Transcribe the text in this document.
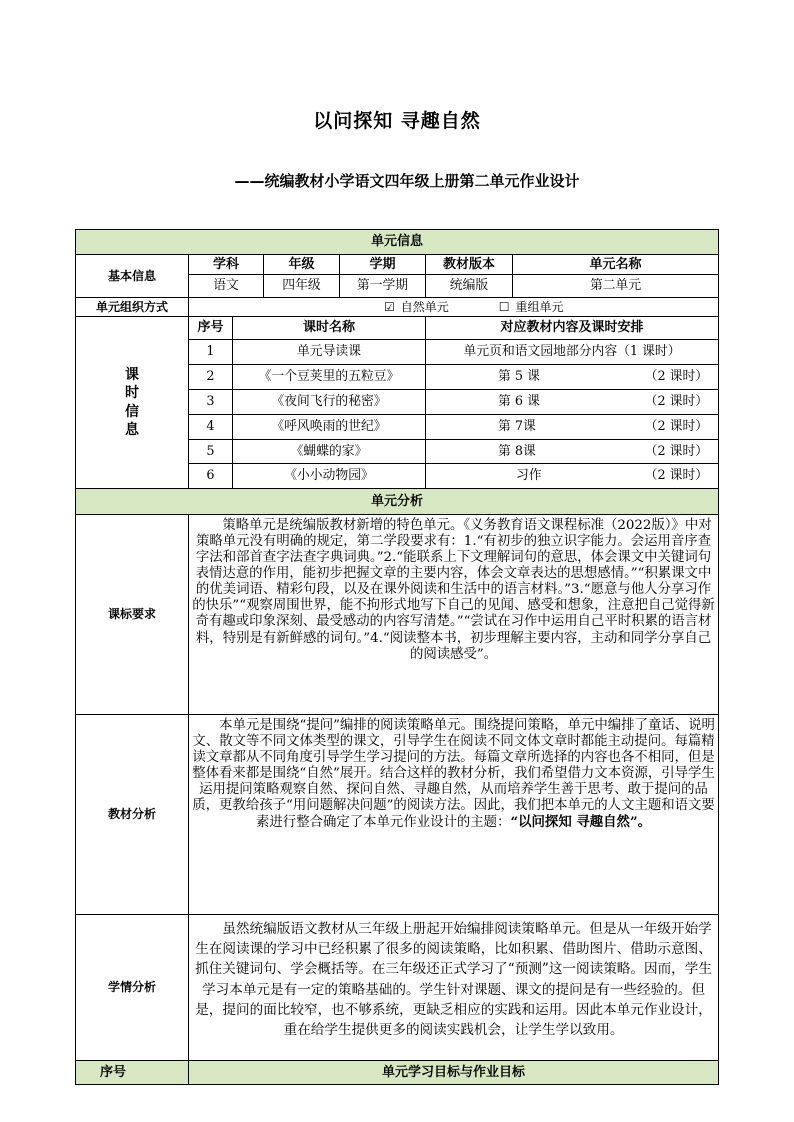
以问探知 寻趣自然
——统编教材小学语文四年级上册第二单元作业设计
单元信息						
基本信息	学科		年级	学期	教材版本	单元名称
	语文		四年级	第一学期	统编版	第二单元
单元组织方式	☑ 自然单元 ☐ 重组单元					

课
时
信
息	序号	课时名称			对应教材内容及课时安排	
	1	单元导读课			单元页和语文园地部分内容（1 课时）	
	2	《一个豆荚里的五粒豆》			第 5 课 （2 课时）	

	3	《夜间飞行的秘密》			第 6 课 （2 课时）	

	4	《呼风唤雨的世纪》			第 7课 （2 课时）	

	5	《蝴蝶的家》			第 8课 （2 课时）	

	6	《小小动物园》			习作 （2 课时）	

单元分析						
课标要求	策略单元是统编版教材新增的特色单元。《义务教育语文课程标准（2022版）》中对策略单元没有明确的规定，第二学段要求有：1.“有初步的独立识字能力。会运用音序查字法和部首查字法查字典词典。”2.“能联系上下文理解词句的意思，体会课文中关键词句表情达意的作用，能初步把握文章的主要内容，体会文章表达的思想感情。”“积累课文中的优美词语、精彩句段，以及在课外阅读和生活中的语言材料。”3.“愿意与他人分享习作的快乐”“观察周围世界，能不拘形式地写下自己的见闻、感受和想象，注意把自己觉得新奇有趣或印象深刻、最受感动的内容写清楚。”“尝试在习作中运用自己平时积累的语言材料，特别是有新鲜感的词句。”4.“阅读整本书，初步理解主要内容，主动和同学分享自己的阅读感受”。					
教材分析	本单元是围绕“提问”编排的阅读策略单元。围绕提问策略，单元中编排了童话、说明文、散文等不同文体类型的课文，引导学生在阅读不同文体文章时都能主动提问。每篇精读文章都从不同角度引导学生学习提问的方法。每篇文章所选择的内容也各不相同，但是整体看来都是围绕“自然”展开。结合这样的教材分析，我们希望借力文本资源，引导学生运用提问策略观察自然、探问自然、寻趣自然，从而培养学生善于思考、敢于提问的品质，更教给孩子“用问题解决问题”的阅读方法。因此，我们把本单元的人文主题和语文要素进行整合确定了本单元作业设计的主题：“以问探知 寻趣自然”。					
学情分析	虽然统编版语文教材从三年级上册起开始编排阅读策略单元。但是从一年级开始学生在阅读课的学习中已经积累了很多的阅读策略，比如积累、借助图片、借助示意图、抓住关键词句、学会概括等。在三年级还正式学习了“预测”这一阅读策略。因而，学生学习本单元是有一定的策略基础的。学生针对课题、课文的提问是有一些经验的。但是，提问的面比较窄，也不够系统，更缺乏相应的实践和运用。因此本单元作业设计，重在给学生提供更多的阅读实践机会，让学生学以致用。					
序号	单元学习目标与作业目标					
